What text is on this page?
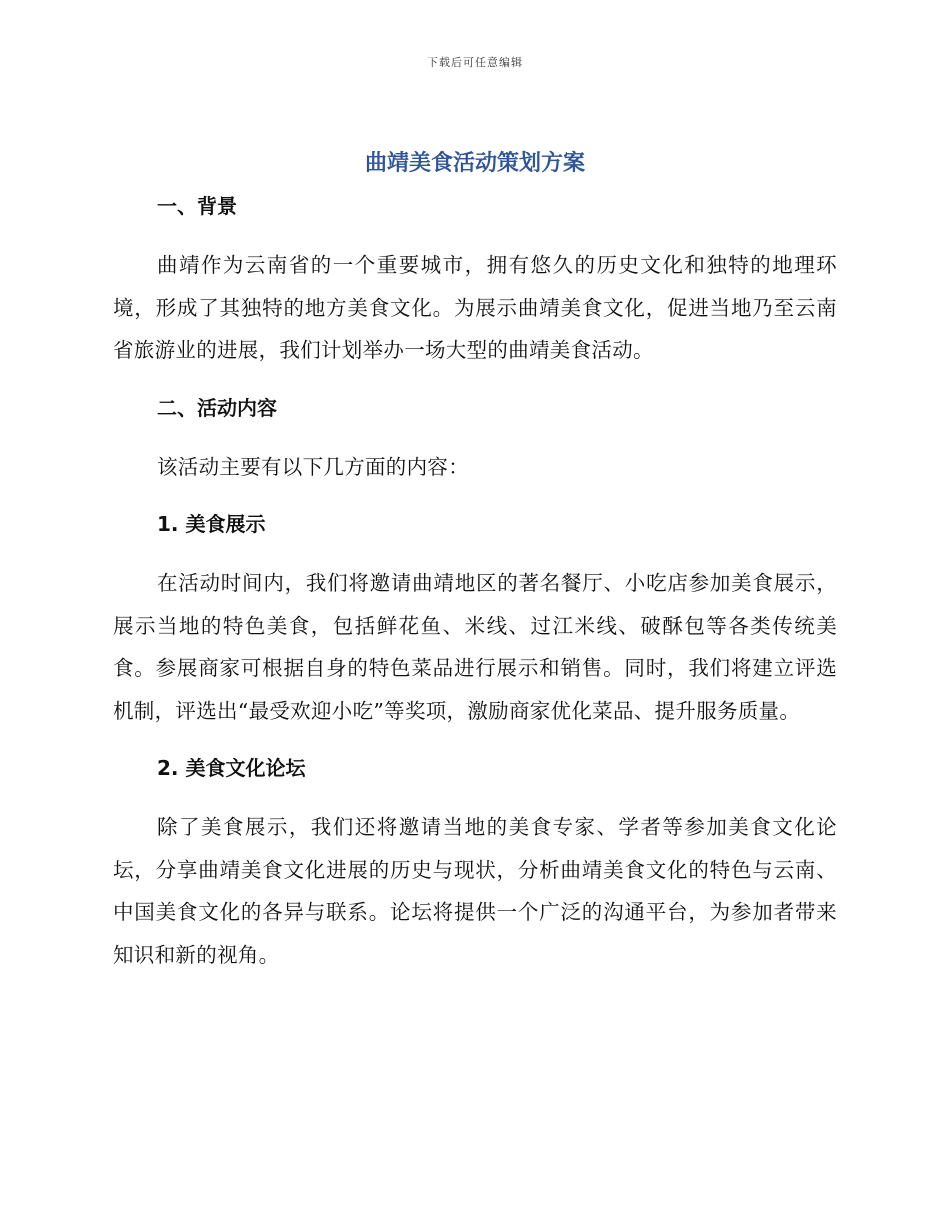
下载后可任意编辑
曲靖美食活动策划方案
一、背景

曲靖作为云南省的一个重要城市，拥有悠久的历史文化和独特的地理环境，形成了其独特的地方美食文化。为展示曲靖美食文化，促进当地乃至云南省旅游业的进展，我们计划举办一场大型的曲靖美食活动。

二、活动内容

该活动主要有以下几方面的内容：

1. 美食展示

在活动时间内，我们将邀请曲靖地区的著名餐厅、小吃店参加美食展示，展示当地的特色美食，包括鲜花鱼、米线、过江米线、破酥包等各类传统美食。参展商家可根据自身的特色菜品进行展示和销售。同时，我们将建立评选机制，评选出“最受欢迎小吃”等奖项，激励商家优化菜品、提升服务质量。

2. 美食文化论坛

除了美食展示，我们还将邀请当地的美食专家、学者等参加美食文化论坛，分享曲靖美食文化进展的历史与现状，分析曲靖美食文化的特色与云南、中国美食文化的各异与联系。论坛将提供一个广泛的沟通平台，为参加者带来知识和新的视角。
